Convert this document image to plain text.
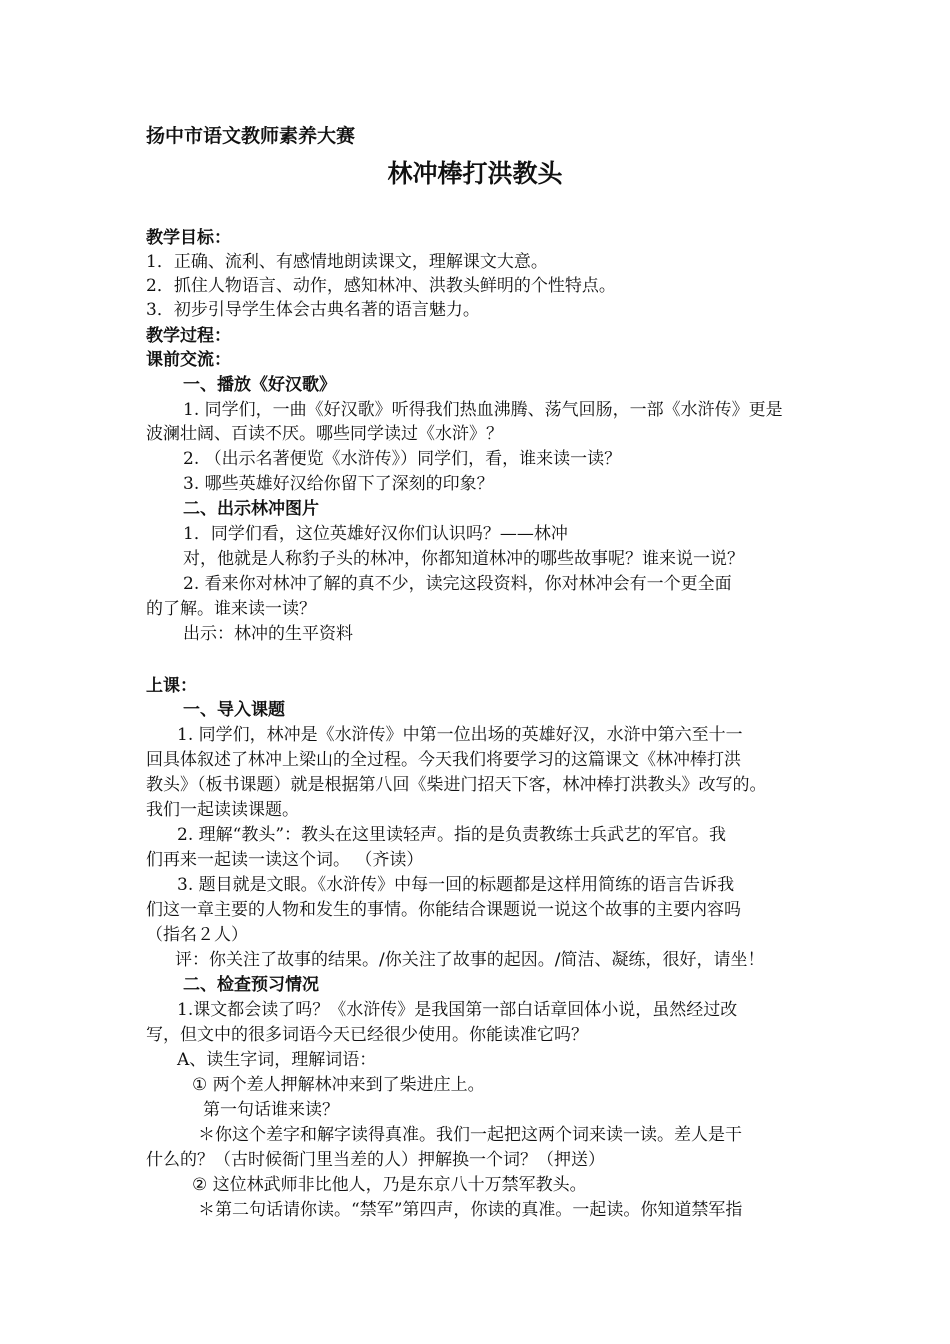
扬中市语文教师素养大赛
林冲棒打洪教头
教学目标：
1．正确、流利、有感情地朗读课文，理解课文大意。
2．抓住人物语言、动作，感知林冲、洪教头鲜明的个性特点。
3．初步引导学生体会古典名著的语言魅力。
教学过程：
课前交流：
一、播放《好汉歌》
1. 同学们，一曲《好汉歌》听得我们热血沸腾、荡气回肠，一部《水浒传》更是
波澜壮阔、百读不厌。哪些同学读过《水浒》？
2. （出示名著便览《水浒传》）同学们，看，谁来读一读？
3. 哪些英雄好汉给你留下了深刻的印象？
二、出示林冲图片
1．同学们看，这位英雄好汉你们认识吗？——林冲
对，他就是人称豹子头的林冲，你都知道林冲的哪些故事呢？谁来说一说？
2. 看来你对林冲了解的真不少，读完这段资料，你对林冲会有一个更全面
的了解。谁来读一读？
出示：林冲的生平资料
上课：
一、导入课题
1. 同学们，林冲是《水浒传》中第一位出场的英雄好汉，水浒中第六至十一
回具体叙述了林冲上梁山的全过程。今天我们将要学习的这篇课文《林冲棒打洪
教头》（板书课题）就是根据第八回《柴进门招天下客，林冲棒打洪教头》改写的。
我们一起读读课题。
2. 理解“教头”：教头在这里读轻声。指的是负责教练士兵武艺的军官。我
们再来一起读一读这个词。 （齐读）
3. 题目就是文眼。《水浒传》中每一回的标题都是这样用简练的语言告诉我
们这一章主要的人物和发生的事情。你能结合课题说一说这个故事的主要内容吗
（指名２人）
评：你关注了故事的结果。/你关注了故事的起因。/简洁、凝练，很好，请坐！
二、检查预习情况
1.课文都会读了吗？《水浒传》是我国第一部白话章回体小说，虽然经过改
写，但文中的很多词语今天已经很少使用。你能读准它吗？
A、读生字词，理解词语：
① 两个差人押解林冲来到了柴进庄上。
第一句话谁来读？
＊你这个差字和解字读得真准。我们一起把这两个词来读一读。差人是干
什么的？（古时候衙门里当差的人）押解换一个词？（押送）
② 这位林武师非比他人，乃是东京八十万禁军教头。
＊第二句话请你读。“禁军”第四声，你读的真准。一起读。你知道禁军指
